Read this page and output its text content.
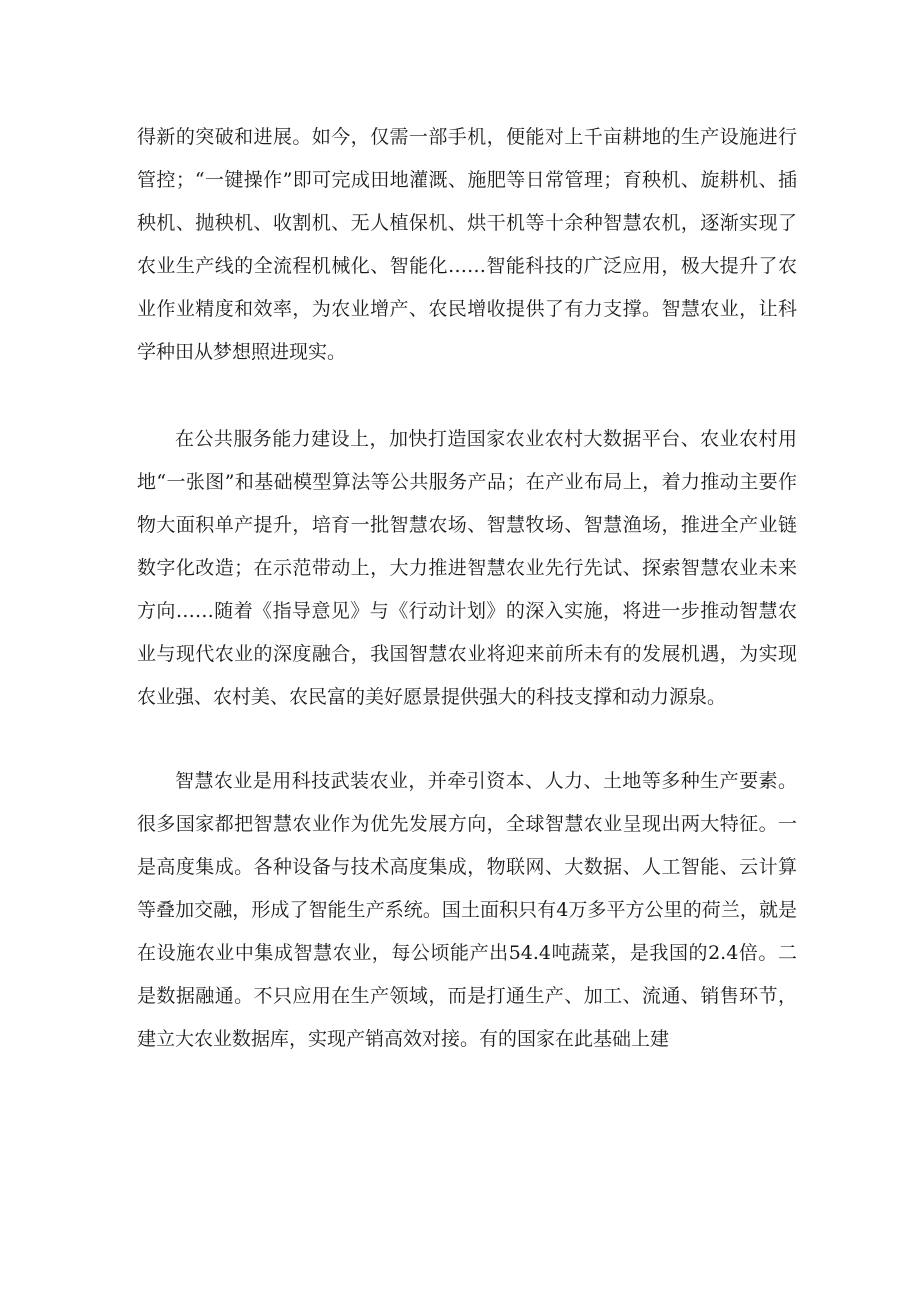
得新的突破和进展。如今，仅需一部手机，便能对上千亩耕地的生产设施进行管控；“一键操作”即可完成田地灌溉、施肥等日常管理；育秧机、旋耕机、插秧机、抛秧机、收割机、无人植保机、烘干机等十余种智慧农机，逐渐实现了农业生产线的全流程机械化、智能化……智能科技的广泛应用，极大提升了农业作业精度和效率，为农业增产、农民增收提供了有力支撑。智慧农业，让科学种田从梦想照进现实。

在公共服务能力建设上，加快打造国家农业农村大数据平台、农业农村用地“一张图”和基础模型算法等公共服务产品；在产业布局上，着力推动主要作物大面积单产提升，培育一批智慧农场、智慧牧场、智慧渔场，推进全产业链数字化改造；在示范带动上，大力推进智慧农业先行先试、探索智慧农业未来方向……随着《指导意见》与《行动计划》的深入实施，将进一步推动智慧农业与现代农业的深度融合，我国智慧农业将迎来前所未有的发展机遇，为实现农业强、农村美、农民富的美好愿景提供强大的科技支撑和动力源泉。

智慧农业是用科技武装农业，并牵引资本、人力、土地等多种生产要素。很多国家都把智慧农业作为优先发展方向，全球智慧农业呈现出两大特征。一是高度集成。各种设备与技术高度集成，物联网、大数据、人工智能、云计算等叠加交融，形成了智能生产系统。国土面积只有4万多平方公里的荷兰，就是在设施农业中集成智慧农业，每公顷能产出54.4吨蔬菜，是我国的2.4倍。二是数据融通。不只应用在生产领域，而是打通生产、加工、流通、销售环节，建立大农业数据库，实现产销高效对接。有的国家在此基础上建
